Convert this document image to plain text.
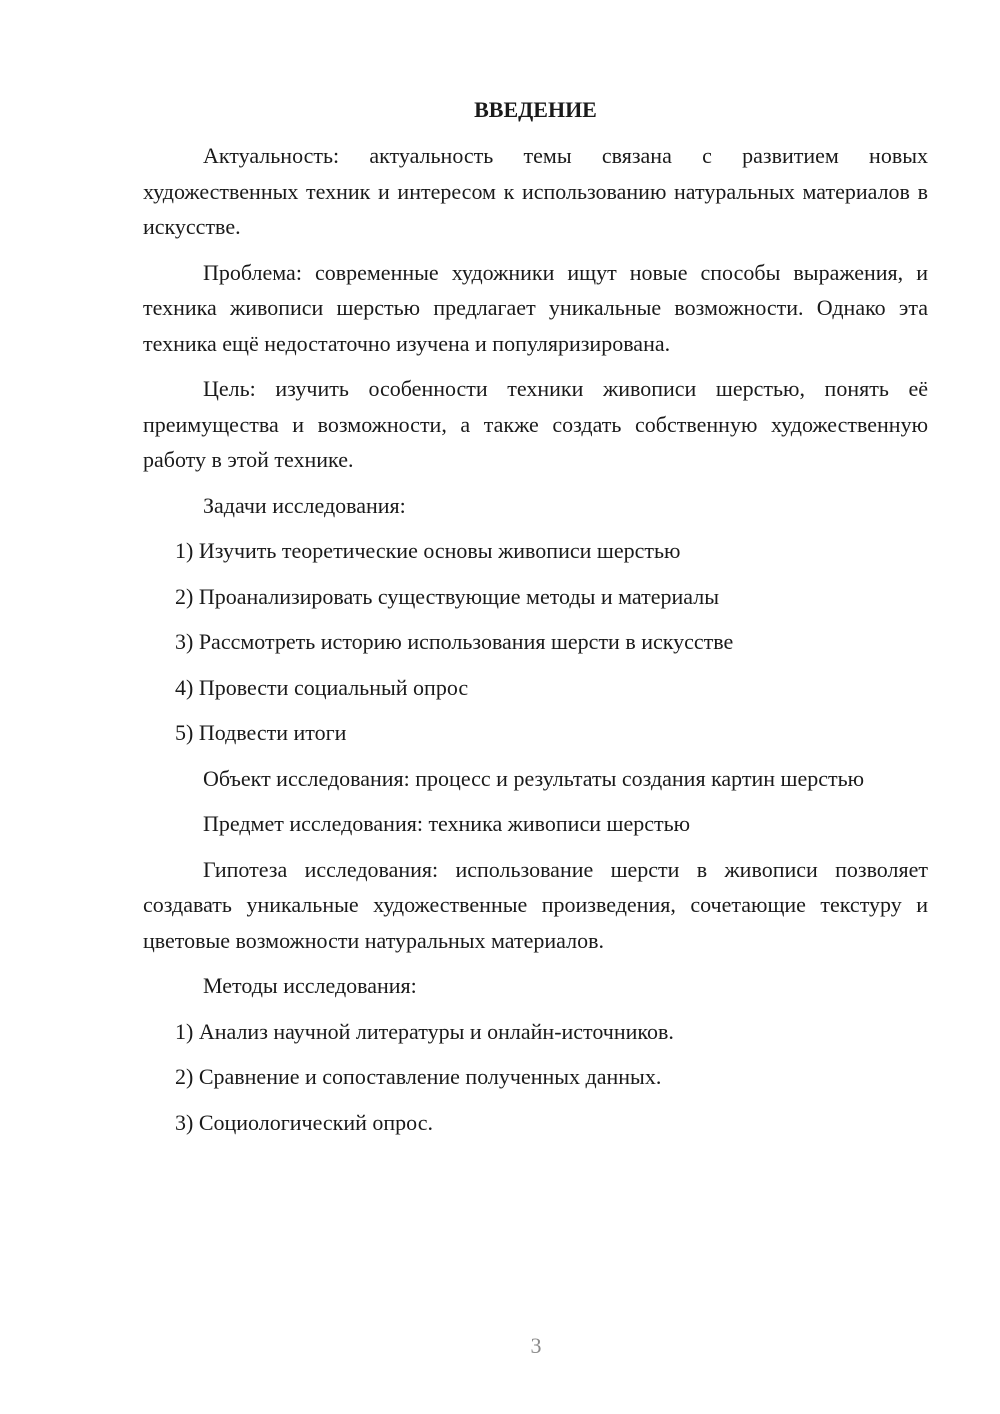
ВВЕДЕНИЕ

Актуальность: актуальность темы связана с развитием новых художественных техник и интересом к использованию натуральных материалов в искусстве.

Проблема: современные художники ищут новые способы выражения, и техника живописи шерстью предлагает уникальные возможности. Однако эта техника ещё недостаточно изучена и популяризирована.

Цель: изучить особенности техники живописи шерстью, понять её преимущества и возможности, а также создать собственную художественную работу в этой технике.

Задачи исследования:

1) Изучить теоретические основы живописи шерстью

2) Проанализировать существующие методы и материалы

3) Рассмотреть историю использования шерсти в искусстве

4) Провести социальный опрос

5) Подвести итоги

Объект исследования: процесс и результаты создания картин шерстью

Предмет исследования: техника живописи шерстью

Гипотеза исследования: использование шерсти в живописи позволяет создавать уникальные художественные произведения, сочетающие текстуру и цветовые возможности натуральных материалов.

Методы исследования:

1) Анализ научной литературы и онлайн-источников.

2) Сравнение и сопоставление полученных данных.

3) Социологический опрос.

3
